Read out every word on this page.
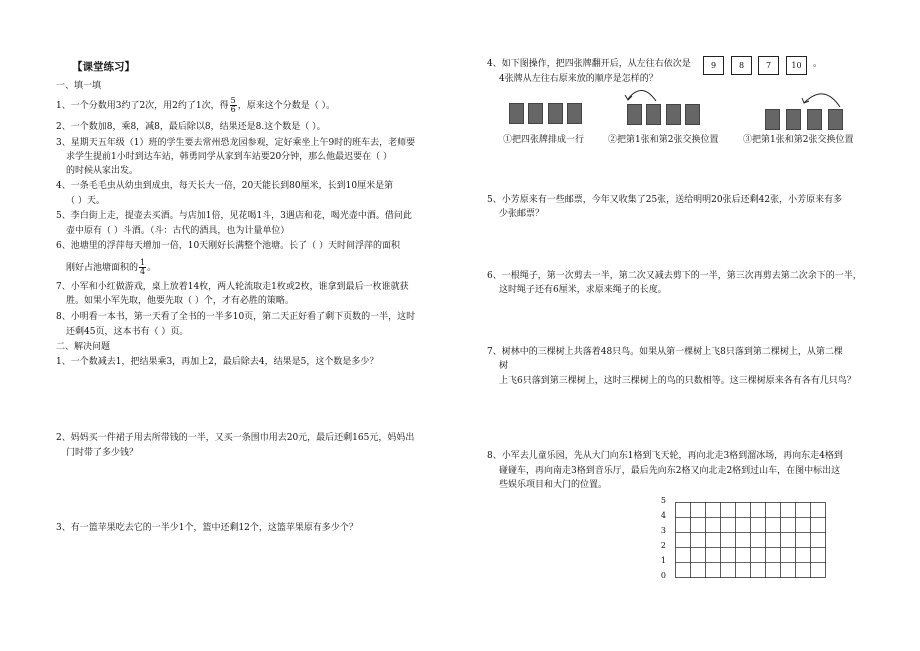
【课堂练习】
一、填一填
1、一个分数用3约了2次，用2约了1次，得 $\frac{5}{6}$ ，原来这个分数是（ ）。
2、一个数加8，乘8，减8，最后除以8，结果还是8.这个数是（ ）。
3、星期天五年级（1）班的学生要去常州恐龙园参观，定好乘坐上午9时的班车去，老师要
求学生提前1小时到达车站，韩勇同学从家到车站要20分钟，那么他最迟要在（ ）
的时候从家出发。
4、一条毛毛虫从幼虫到成虫，每天长大一倍，20天能长到80厘米，长到10厘米是第
（ ）天。
5、李白街上走，提壶去买酒。与店加1倍，见花喝1斗，3遇店和花，喝光壶中酒。借问此
壶中原有（ ）斗酒。（斗：古代的酒具，也为计量单位）
6、池塘里的浮萍每天增加一倍，10天刚好长满整个池塘。长了（ ）天时间浮萍的面积
刚好占池塘面积的 $\frac{1}{4}$ 。
7、小军和小红做游戏，桌上放着14枚，两人轮流取走1枚或2枚，谁拿到最后一枚谁就获
胜。如果小军先取，他要先取（ ）个，才有必胜的策略。
8、小明看一本书，第一天看了全书的一半多10页，第二天正好看了剩下页数的一半，这时
还剩45页，这本书有（ ）页。
二、解决问题
1、一个数减去1，把结果乘3，再加上2，最后除去4，结果是5，这个数是多少？
2、妈妈买一件裙子用去所带钱的一半，又买一条围巾用去20元，最后还剩165元，妈妈出
门时带了多少钱？
3、有一篮苹果吃去它的一半少1个，篮中还剩12个，这篮苹果原有多少个？
4、如下图操作，把四张牌翻开后，从左往右依次是	9	8	7	10	。
4张牌从左往右原来放的顺序是怎样的？
①把四张牌排成一行	②把第1张和第2张交换位置	③把第1张和第2张交换位置
5、小芳原来有一些邮票，今年又收集了25张，送给明明20张后还剩42张，小芳原来有多
少张邮票？
6、一根绳子，第一次剪去一半，第二次又减去剪下的一半，第三次再剪去第二次余下的一半，
这时绳子还有6厘米，求原来绳子的长度。
7、树林中的三棵树上共落着48只鸟。如果从第一棵树上飞8只落到第二棵树上，从第二棵
树
上飞6只落到第三棵树上，这时三棵树上的鸟的只数相等。这三棵树原来各有各有几只鸟？
8、小军去儿童乐园，先从大门向东1格到飞天轮，再向北走3格到溜冰场，再向东走4格到
碰碰车，再向南走3格到音乐厅，最后先向东2格又向北走2格到过山车，在图中标出这
些娱乐项目和大门的位置。
5
4
3
2
1
0
